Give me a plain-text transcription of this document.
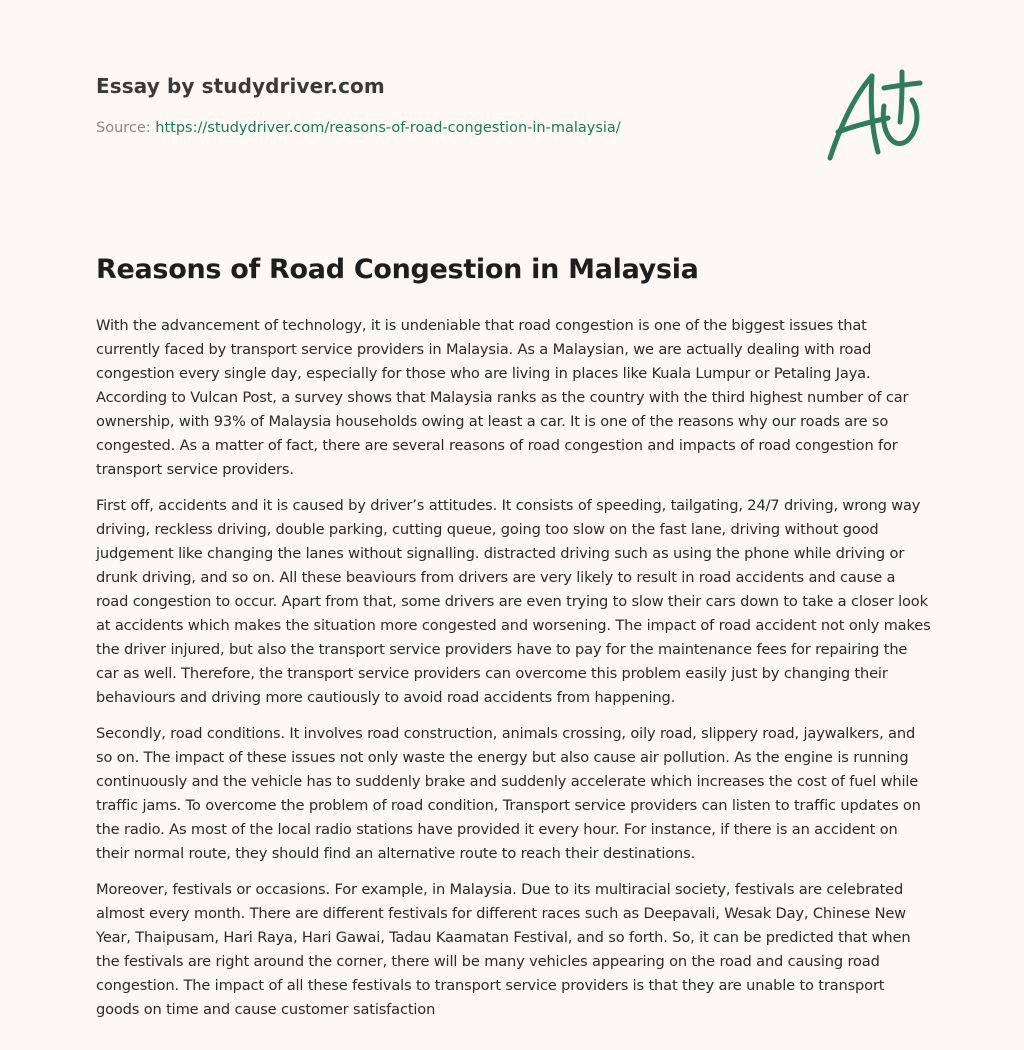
Essay by studydriver.com
Source: https://studydriver.com/reasons-of-road-congestion-in-malaysia/
Reasons of Road Congestion in Malaysia

With the advancement of technology, it is undeniable that road congestion is one of the biggest issues that currently faced by transport service providers in Malaysia. As a Malaysian, we are actually dealing with road congestion every single day, especially for those who are living in places like Kuala Lumpur or Petaling Jaya. According to Vulcan Post, a survey shows that Malaysia ranks as the country with the third highest number of car ownership, with 93% of Malaysia households owing at least a car. It is one of the reasons why our roads are so congested. As a matter of fact, there are several reasons of road congestion and impacts of road congestion for transport service providers.

First off, accidents and it is caused by driver’s attitudes. It consists of speeding, tailgating, 24/7 driving, wrong way driving, reckless driving, double parking, cutting queue, going too slow on the fast lane, driving without good judgement like changing the lanes without signalling. distracted driving such as using the phone while driving or drunk driving, and so on. All these beaviours from drivers are very likely to result in road accidents and cause a road congestion to occur. Apart from that, some drivers are even trying to slow their cars down to take a closer look at accidents which makes the situation more congested and worsening. The impact of road accident not only makes the driver injured, but also the transport service providers have to pay for the maintenance fees for repairing the car as well. Therefore, the transport service providers can overcome this problem easily just by changing their behaviours and driving more cautiously to avoid road accidents from happening.

Secondly, road conditions. It involves road construction, animals crossing, oily road, slippery road, jaywalkers, and so on. The impact of these issues not only waste the energy but also cause air pollution. As the engine is running continuously and the vehicle has to suddenly brake and suddenly accelerate which increases the cost of fuel while traffic jams. To overcome the problem of road condition, Transport service providers can listen to traffic updates on the radio. As most of the local radio stations have provided it every hour. For instance, if there is an accident on their normal route, they should find an alternative route to reach their destinations.

Moreover, festivals or occasions. For example, in Malaysia. Due to its multiracial society, festivals are celebrated almost every month. There are different festivals for different races such as Deepavali, Wesak Day, Chinese New Year, Thaipusam, Hari Raya, Hari Gawai, Tadau Kaamatan Festival, and so forth. So, it can be predicted that when the festivals are right around the corner, there will be many vehicles appearing on the road and causing road congestion. The impact of all these festivals to transport service providers is that they are unable to transport goods on time and cause customer satisfaction
